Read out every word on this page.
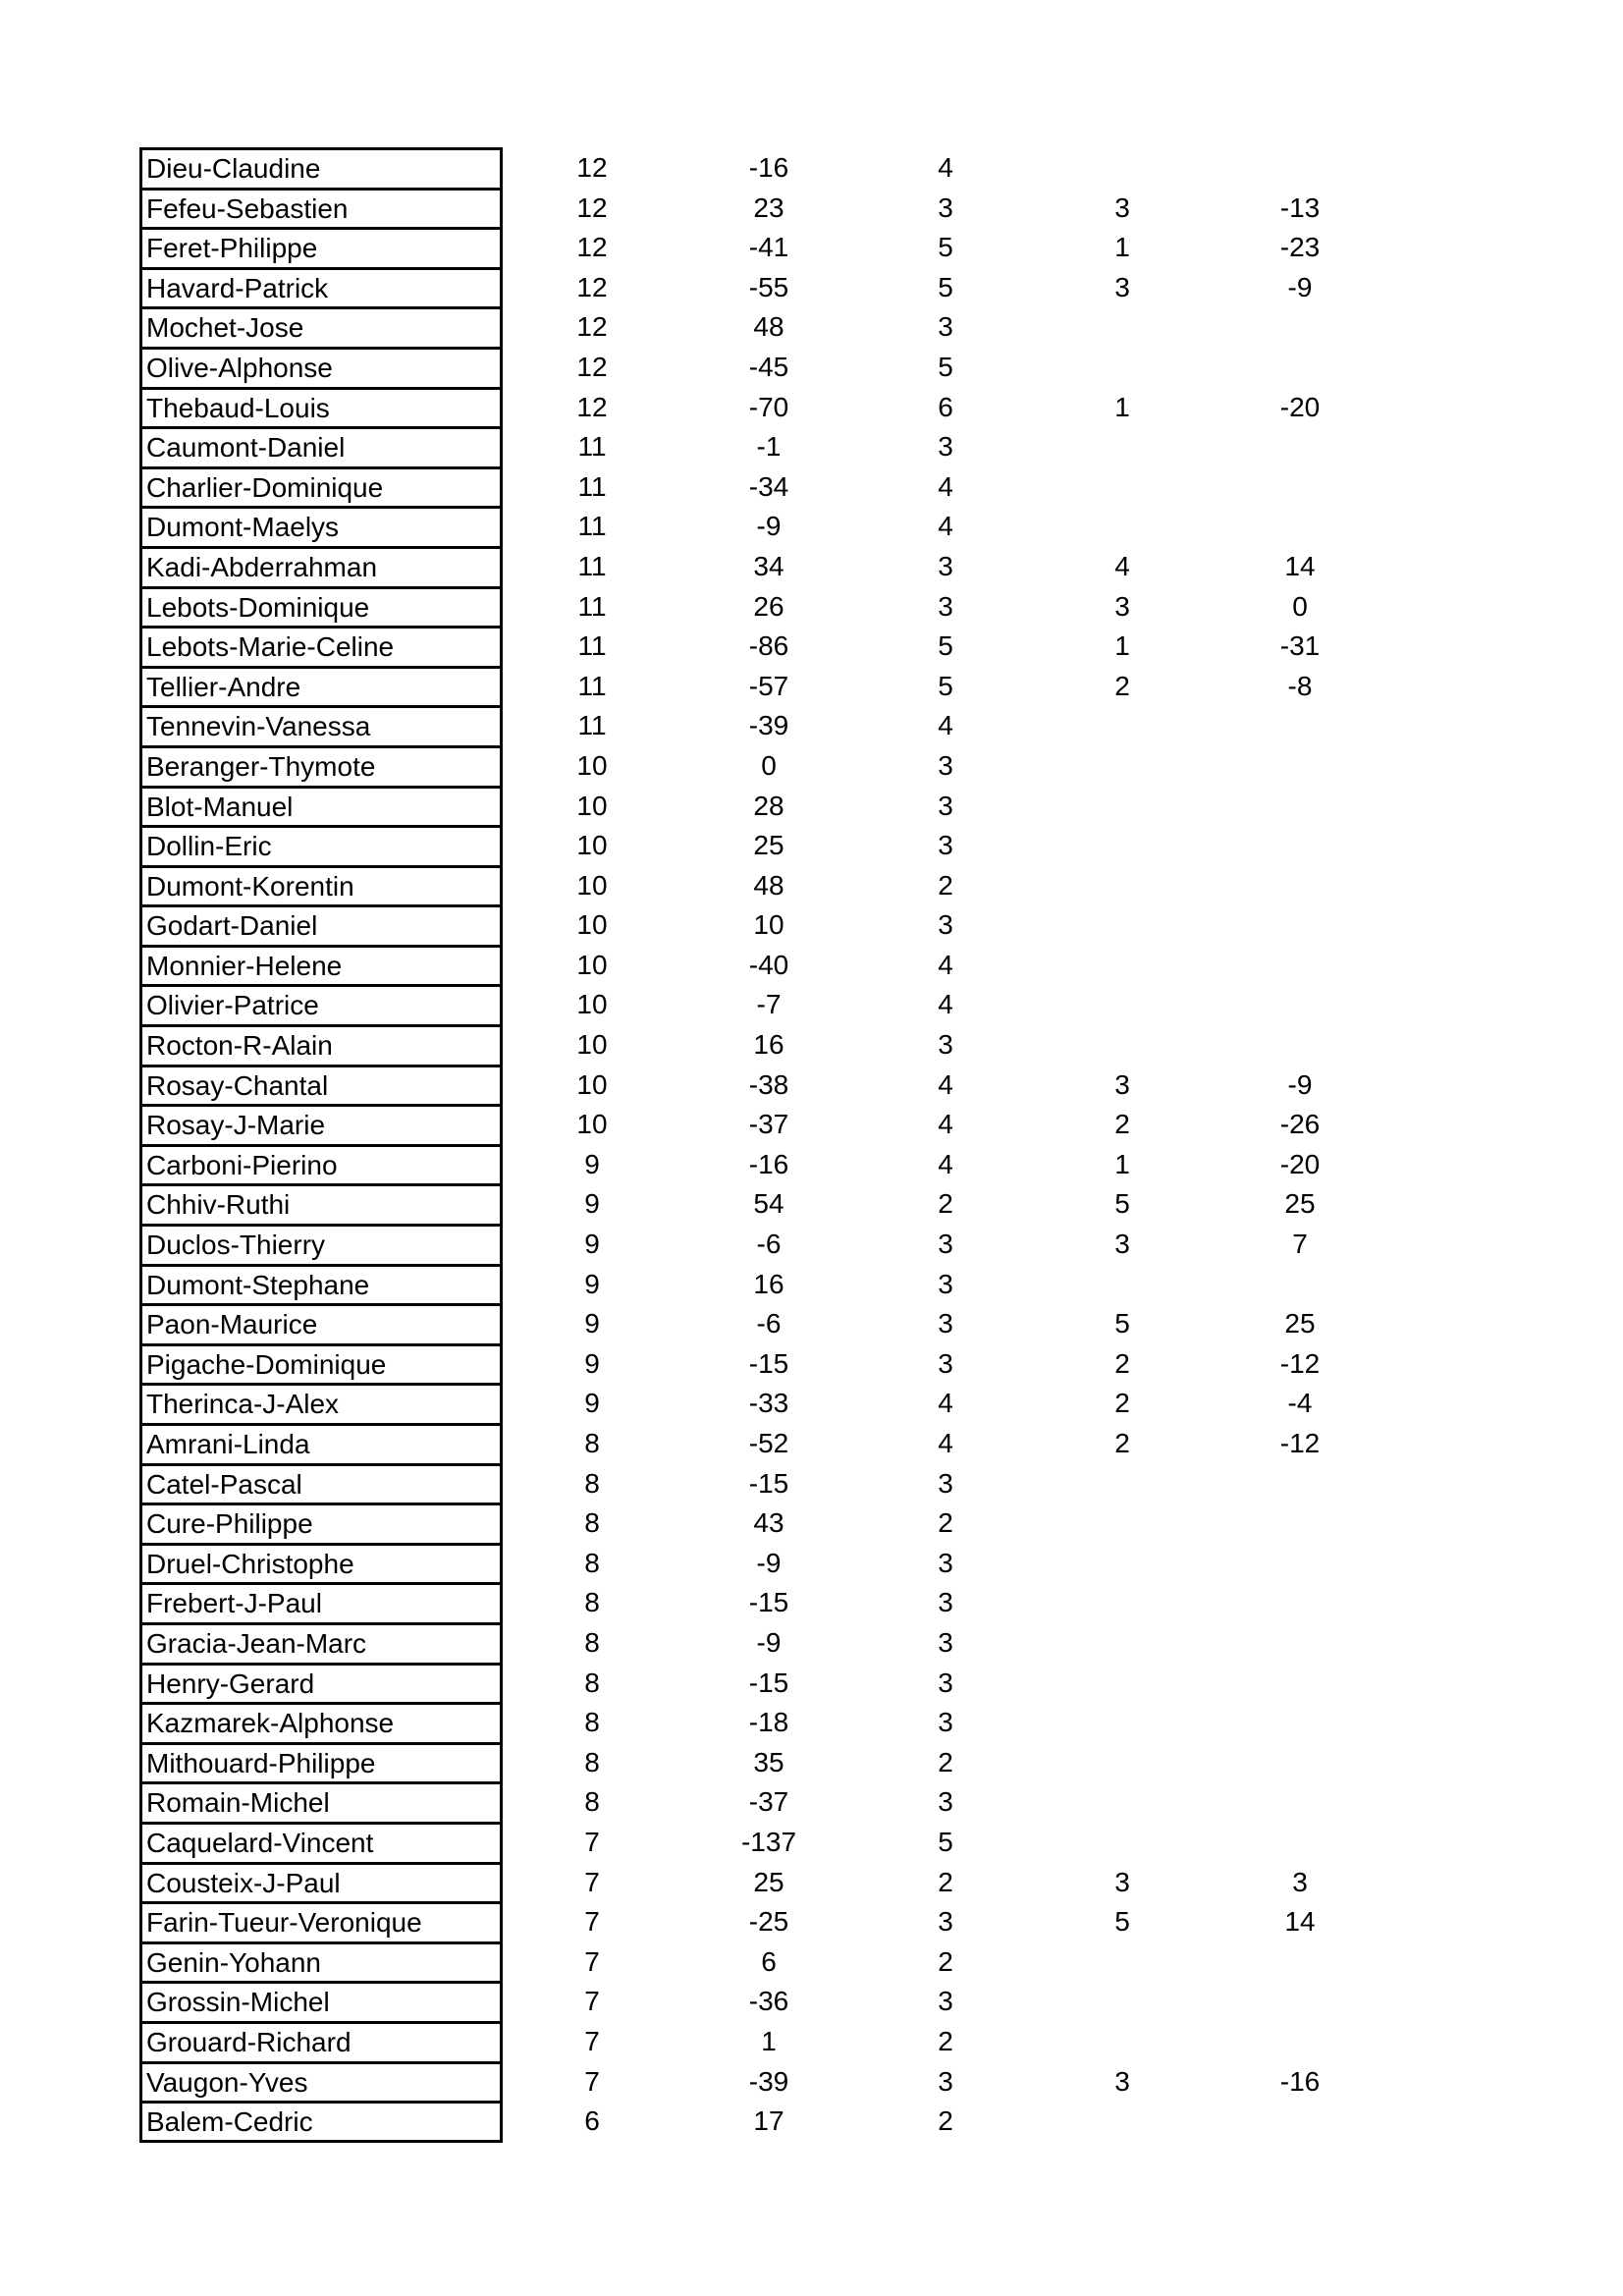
Dieu-Claudine	12	-16	4
Fefeu-Sebastien	12	23	3	3	-13
Feret-Philippe	12	-41	5	1	-23
Havard-Patrick	12	-55	5	3	-9
Mochet-Jose	12	48	3
Olive-Alphonse	12	-45	5
Thebaud-Louis	12	-70	6	1	-20
Caumont-Daniel	11	-1	3
Charlier-Dominique	11	-34	4
Dumont-Maelys	11	-9	4
Kadi-Abderrahman	11	34	3	4	14
Lebots-Dominique	11	26	3	3	0
Lebots-Marie-Celine	11	-86	5	1	-31
Tellier-Andre	11	-57	5	2	-8
Tennevin-Vanessa	11	-39	4
Beranger-Thymote	10	0	3
Blot-Manuel	10	28	3
Dollin-Eric	10	25	3
Dumont-Korentin	10	48	2
Godart-Daniel	10	10	3
Monnier-Helene	10	-40	4
Olivier-Patrice	10	-7	4
Rocton-R-Alain	10	16	3
Rosay-Chantal	10	-38	4	3	-9
Rosay-J-Marie	10	-37	4	2	-26
Carboni-Pierino	9	-16	4	1	-20
Chhiv-Ruthi	9	54	2	5	25
Duclos-Thierry	9	-6	3	3	7
Dumont-Stephane	9	16	3
Paon-Maurice	9	-6	3	5	25
Pigache-Dominique	9	-15	3	2	-12
Therinca-J-Alex	9	-33	4	2	-4
Amrani-Linda	8	-52	4	2	-12
Catel-Pascal	8	-15	3
Cure-Philippe	8	43	2
Druel-Christophe	8	-9	3
Frebert-J-Paul	8	-15	3
Gracia-Jean-Marc	8	-9	3
Henry-Gerard	8	-15	3
Kazmarek-Alphonse	8	-18	3
Mithouard-Philippe	8	35	2
Romain-Michel	8	-37	3
Caquelard-Vincent	7	-137	5
Cousteix-J-Paul	7	25	2	3	3
Farin-Tueur-Veronique	7	-25	3	5	14
Genin-Yohann	7	6	2
Grossin-Michel	7	-36	3
Grouard-Richard	7	1	2
Vaugon-Yves	7	-39	3	3	-16
Balem-Cedric	6	17	2
